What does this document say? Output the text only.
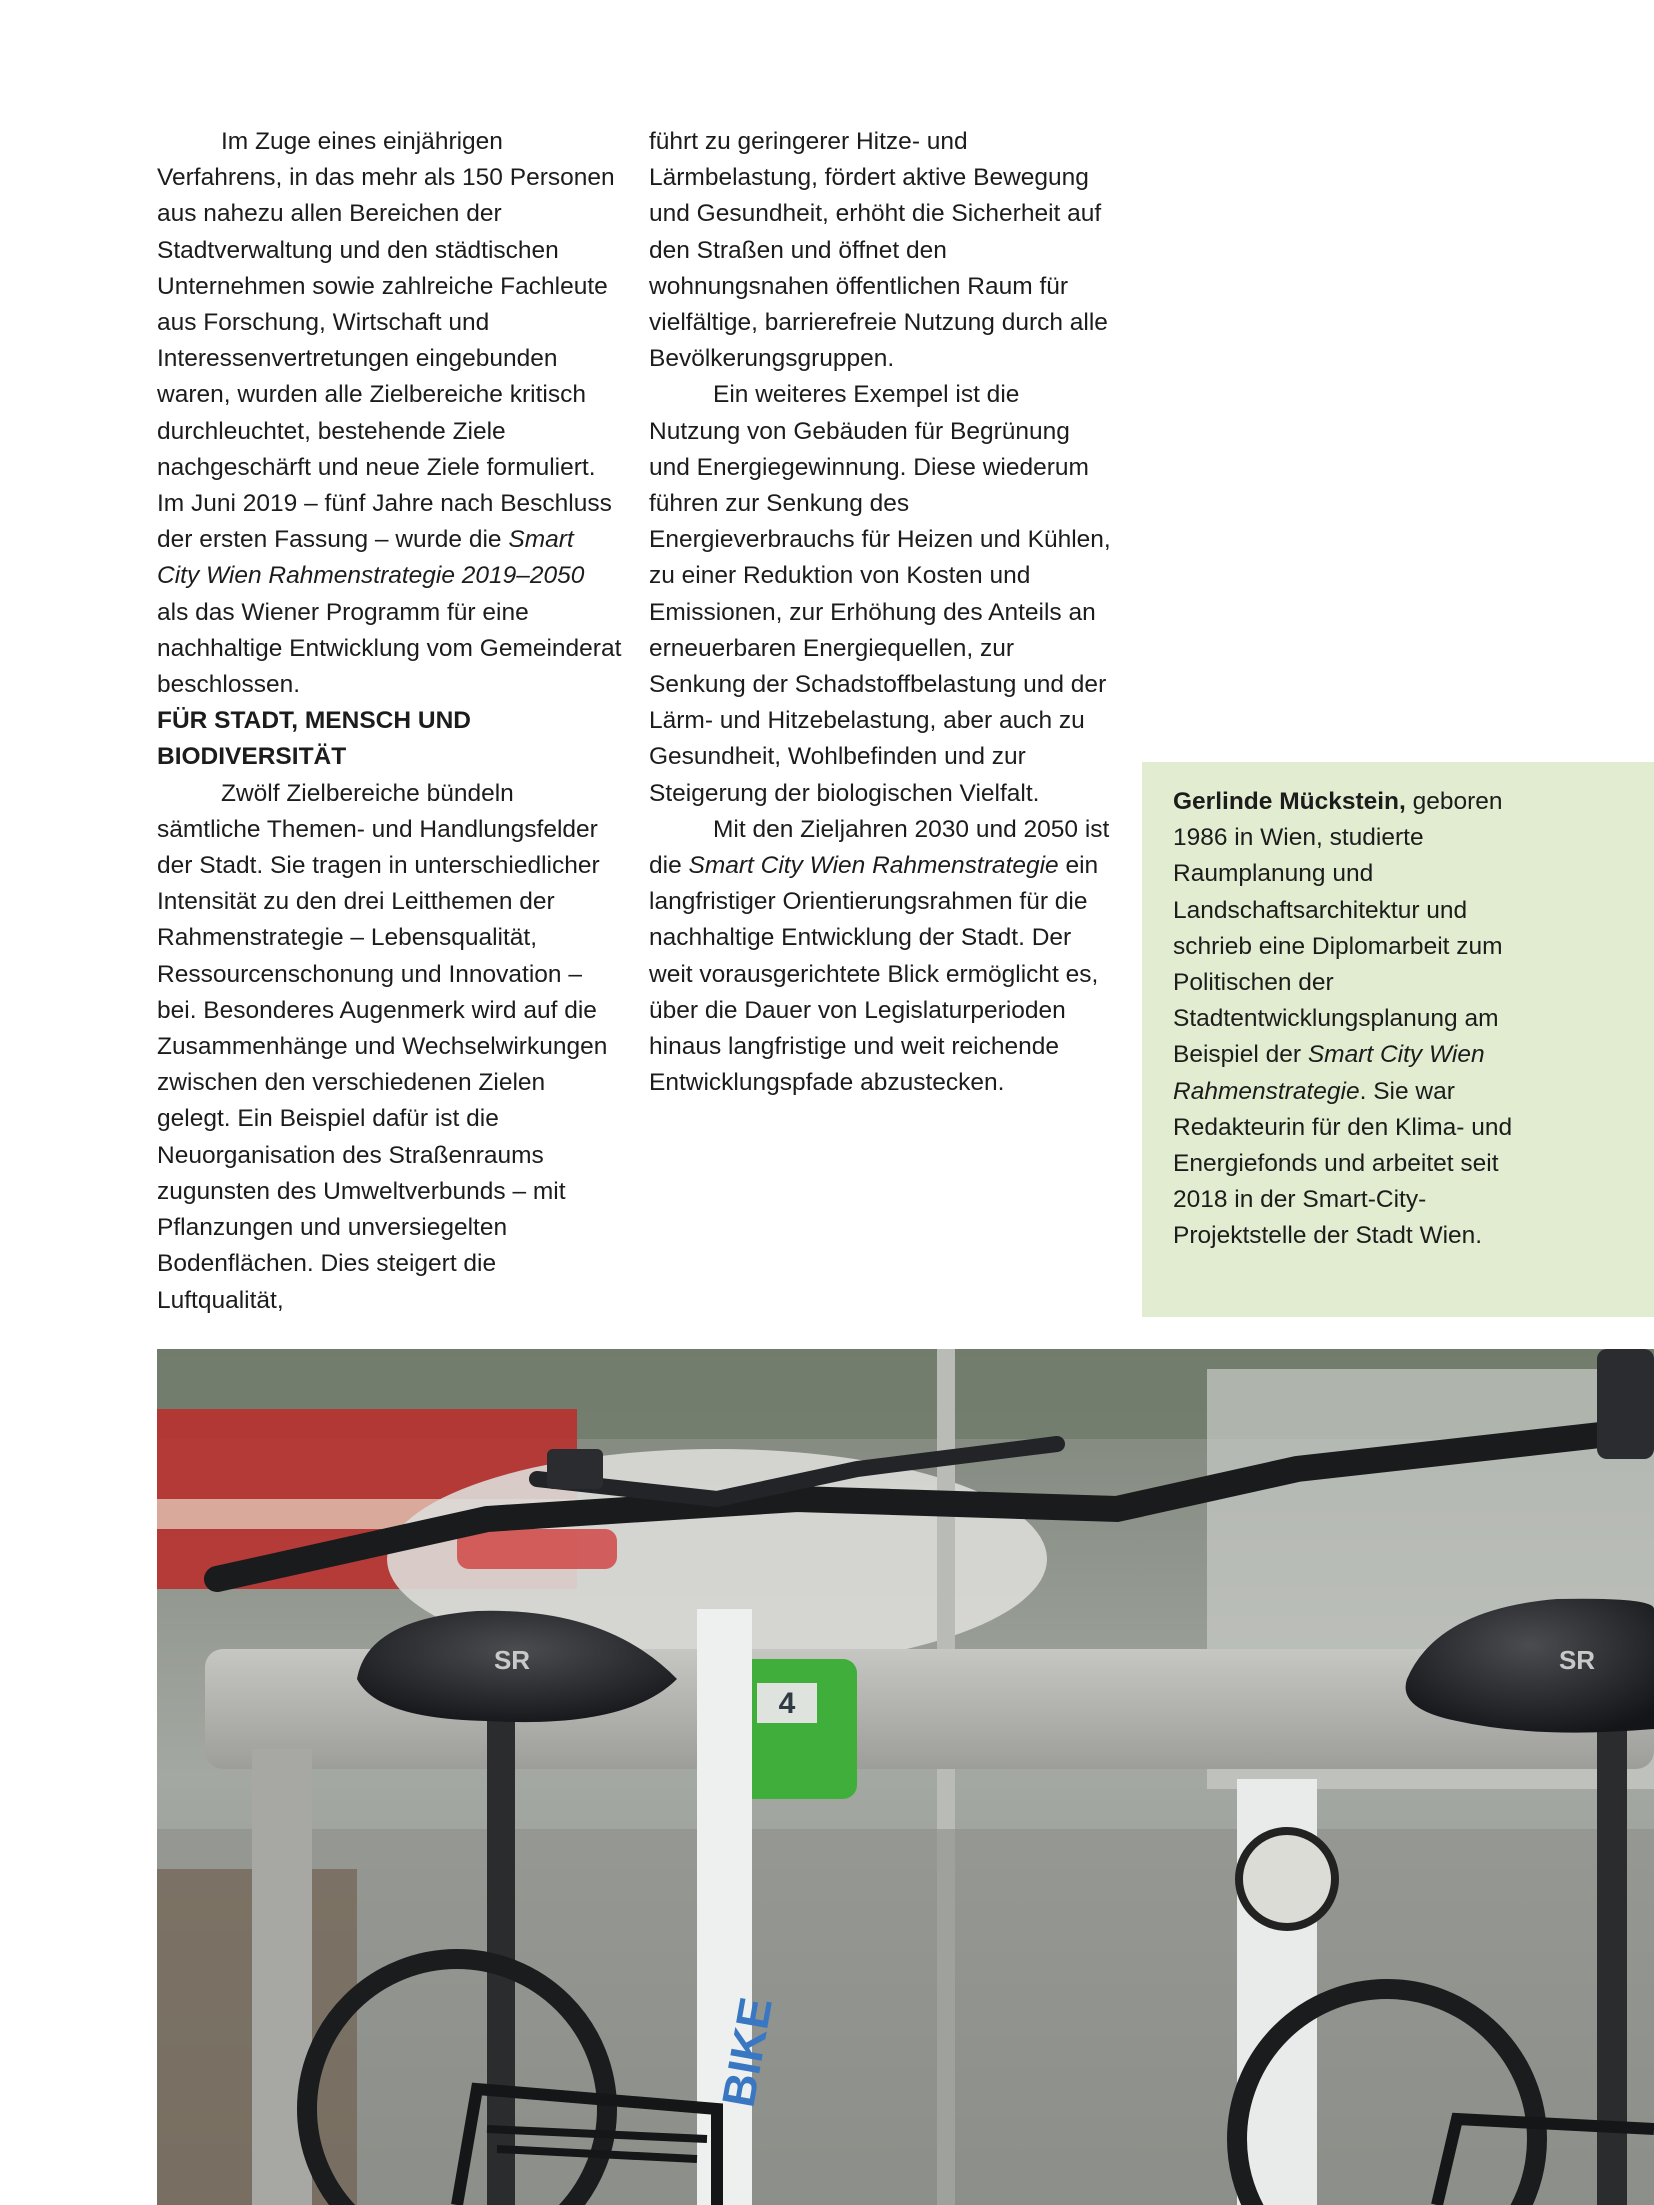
Im Zuge eines einjährigen Verfahrens, in das mehr als 150 Personen aus nahezu allen Bereichen der Stadtverwaltung und den städtischen Unternehmen sowie zahlreiche Fachleute aus Forschung, Wirtschaft und Interessenvertretungen eingebunden waren, wurden alle Zielbereiche kritisch durchleuchtet, bestehende Ziele nachgeschärft und neue Ziele formuliert. Im Juni 2019 – fünf Jahre nach Beschluss der ersten Fassung – wurde die Smart City Wien Rahmenstrategie 2019–2050 als das Wiener Programm für eine nachhaltige Entwicklung vom Gemeinderat beschlossen.

FÜR STADT, MENSCH UND BIODIVERSITÄT

Zwölf Zielbereiche bündeln sämtliche Themen- und Handlungsfelder der Stadt. Sie tragen in unterschiedlicher Intensität zu den drei Leitthemen der Rahmenstrategie – Lebensqualität, Ressourcenschonung und Innovation – bei. Besonderes Augenmerk wird auf die Zusammenhänge und Wechselwirkungen zwischen den verschiedenen Zielen gelegt. Ein Beispiel dafür ist die Neuorganisation des Straßenraums zugunsten des Umweltverbunds – mit Pflanzungen und unversiegelten Bodenflächen. Dies steigert die Luftqualität,

führt zu geringerer Hitze- und Lärmbelastung, fördert aktive Bewegung und Gesundheit, erhöht die Sicherheit auf den Straßen und öffnet den wohnungsnahen öffentlichen Raum für vielfältige, barrierefreie Nutzung durch alle Bevölkerungsgruppen.

Ein weiteres Exempel ist die Nutzung von Gebäuden für Begrünung und Energiegewinnung. Diese wiederum führen zur Senkung des Energieverbrauchs für Heizen und Kühlen, zu einer Reduktion von Kosten und Emissionen, zur Erhöhung des Anteils an erneuerbaren Energiequellen, zur Senkung der Schadstoffbelastung und der Lärm- und Hitzebelastung, aber auch zu Gesundheit, Wohlbefinden und zur Steigerung der biologischen Vielfalt.

Mit den Zieljahren 2030 und 2050 ist die Smart City Wien Rahmenstrategie ein langfristiger Orientierungsrahmen für die nachhaltige Entwicklung der Stadt. Der weit vorausgerichtete Blick ermöglicht es, über die Dauer von Legislaturperioden hinaus langfristige und weit reichende Entwicklungspfade abzustecken.

Gerlinde Mückstein, geboren 1986 in Wien, studierte Raumplanung und Landschaftsarchitektur und schrieb eine Diplomarbeit zum Politischen der Stadtentwicklungsplanung am Beispiel der Smart City Wien Rahmenstrategie. Sie war Redakteurin für den Klima- und Energiefonds und arbeitet seit 2018 in der Smart-City-Projektstelle der Stadt Wien.

4
BIKE
SR	SR
